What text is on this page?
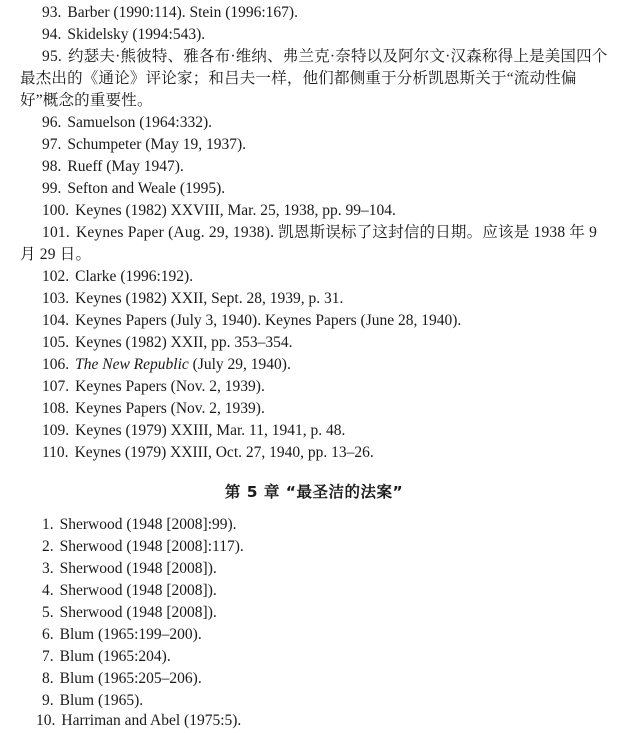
93. Barber (1990:114). Stein (1996:167).
94. Skidelsky (1994:543).
95. 约瑟夫·熊彼特、雅各布·维纳、弗兰克·奈特以及阿尔文·汉森称得上是美国四个最杰出的《通论》评论家；和吕夫一样，他们都侧重于分析凯恩斯关于“流动性偏好”概念的重要性。
96. Samuelson (1964:332).
97. Schumpeter (May 19, 1937).
98. Rueff (May 1947).
99. Sefton and Weale (1995).
100. Keynes (1982) XXVIII, Mar. 25, 1938, pp. 99–104.
101. Keynes Paper (Aug. 29, 1938). 凯恩斯误标了这封信的日期。应该是 1938 年 9 月 29 日。
102. Clarke (1996:192).
103. Keynes (1982) XXII, Sept. 28, 1939, p. 31.
104. Keynes Papers (July 3, 1940). Keynes Papers (June 28, 1940).
105. Keynes (1982) XXII, pp. 353–354.
106. The New Republic (July 29, 1940).
107. Keynes Papers (Nov. 2, 1939).
108. Keynes Papers (Nov. 2, 1939).
109. Keynes (1979) XXIII, Mar. 11, 1941, p. 48.
110. Keynes (1979) XXIII, Oct. 27, 1940, pp. 13–26.
第 5 章 “最圣洁的法案”
1. Sherwood (1948 [2008]:99).
2. Sherwood (1948 [2008]:117).
3. Sherwood (1948 [2008]).
4. Sherwood (1948 [2008]).
5. Sherwood (1948 [2008]).
6. Blum (1965:199–200).
7. Blum (1965:204).
8. Blum (1965:205–206).
9. Blum (1965).
10. Harriman and Abel (1975:5).
